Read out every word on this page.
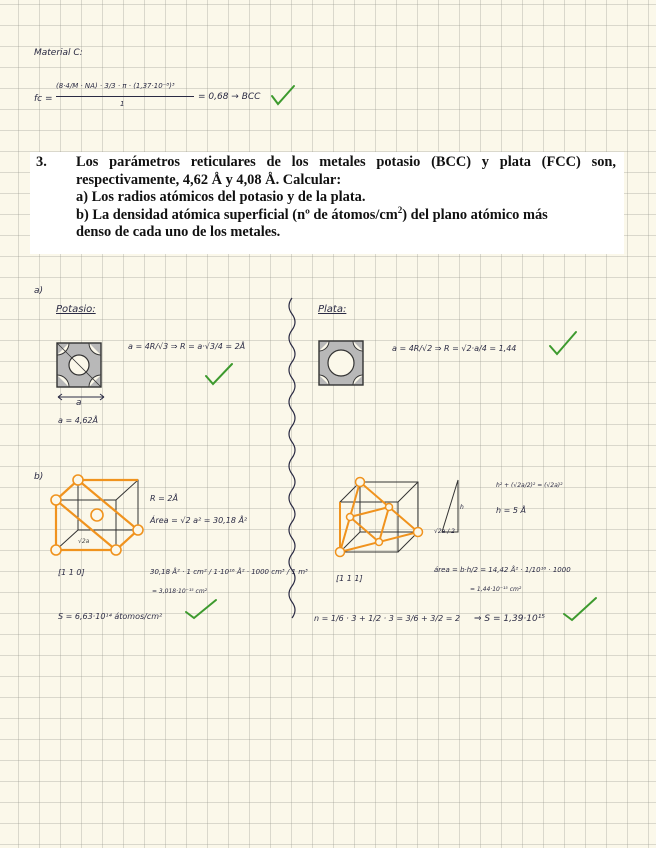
Material C:
fc =
(8·4/M · NA) · 3/3 · π · (1,37·10⁻⁸)³
1
= 0,68 → BCC
3. Los parámetros reticulares de los metales potasio (BCC) y plata (FCC) son,
respectivamente, 4,62 Å y 4,08 Å. Calcular:
a) Los radios atómicos del potasio y de la plata.
b) La densidad atómica superficial (nº de átomos/$cm^2$) del plano atómico más
denso de cada uno de los metales.
a)
Potasio:
a
a = 4,62Å
a = 4R/√3 ⇒ R = a·√3/4 = 2Å
Plata:
a = 4R/√2 ⇒ R = √2·a/4 = 1,44
b)
√2a
[1 1 0]
R = 2Å
Área = √2 a² = 30,18 Å²
30,18 Å² · 1 cm² / 1·10¹⁶ Å² · 1000 cm³ / 1 m³
= 3,018·10⁻¹⁵ cm²
S = 6,63·10¹⁴ átomos/cm²
[1 1 1]
h
√2a / 2
h² + (√2a/2)² = (√2a)²
h = 5 Å
área = b·h/2 = 14,42 Å² · 1/10¹⁶ · 1000
= 1,44·10⁻¹⁵ cm²
n = 1/6 · 3 + 1/2 · 3 = 3/6 + 3/2 = 2 ⇒ S = 1,39·10¹⁵
